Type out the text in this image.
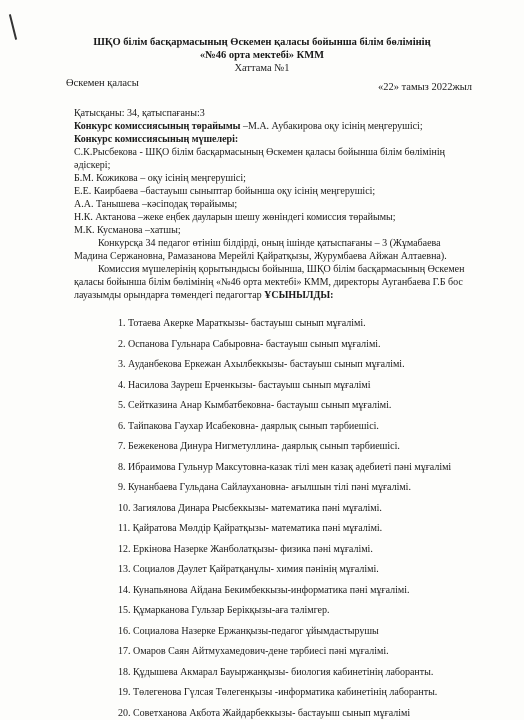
ШҚО білім басқармасының Өскемен қаласы бойынша білім бөлімінің
«№46 орта мектебі» КММ
Хаттама №1
Өскемен қаласы	«22» тамыз 2022жыл

Қатысқаны: 34, қатыспағаны:3

Конкурс комиссиясының төрайымы –М.А. Аубакирова оқу ісінің меңгерушісі;

Конкурс комиссиясының мүшелері:

С.К.Рысбекова - ШҚО білім басқармасының Өскемен қаласы бойынша білім бөлімінің әдіскері;

Б.М. Кожикова – оқу ісінің меңгерушісі;

Е.Е. Каирбаева –бастауыш сыныптар бойынша оқу ісінің меңгерушісі;

А.А. Танышева –кәсіподақ төрайымы;

Н.К. Актанова –жеке еңбек дауларын шешу жөніндегі комиссия төрайымы;

М.К. Кусманова –хатшы;

Конкурсқа 34 педагог өтініш білдірді, оның ішінде қатыспағаны – 3 (Жұмабаева Мадина Сержановна, Рамазанова Мерейлі Қайратқызы, Журумбаева Айжан Алтаевна).

Комиссия мүшелерінің қорытындысы бойынша, ШҚО білім басқармасының Өскемен қаласы бойынша білім бөлімінің «№46 орта мектебі» КММ, директоры Ауганбаева Г.Б бос лауазымды орындарға төмендегі педагогтар ҰСЫНЫЛДЫ:

1. Тотаева Акерке Мараткызы- бастауыш сынып мұғалімі.
2. Оспанова Гульнара Сабыровна- бастауыш сынып мұғалімі.
3. Ауданбекова Еркежан Ахылбеккызы- бастауыш сынып мұғалімі.
4. Насилова Зауреш Ерченкызы- бастауыш сынып мұғалімі
5. Сейтказина Анар Кымбатбековна- бастауыш сынып мұғалімі.
6. Тайпакова Гаухар Исабековна- даярлық сынып тәрбиешісі.
7. Бежекенова Динура Нигметуллина- даярлық сынып тәрбиешісі.
8. Ибраимова Гульнур Максутовна-казак тілі мен казақ әдебиеті пәні мұғалімі
9. Кунанбаева Гульдана Сайлаухановна- ағылшын тілі пәні мұғалімі.
10. Загиялова Динара Рысбеккызы- математика пәні мұғалімі.
11. Қайратова Мөлдір Қайратқызы- математика пәні мұғалімі.
12. Еркінова Назерке Жанболатқызы- физика пәні мұғалімі.
13. Социалов Дәулет Қайратқанұлы- химия пәнінің мұғалімі.
14. Кунапьянова Айдана Бекимбеккызы-информатика пәні мұғалімі.
15. Құмарканова Гульзар Берікқызы-аға тәлімгер.
16. Социалова Назерке Ержанқызы-педагог ұйымдастырушы
17. Омаров Саян Айтмухамедович-дене тәрбиесі пәні мұғалімі.
18. Құдышева Акмарал Бауыржанқызы- биология кабинетінің лаборанты.
19. Төлегенова Гүлсая Төлегенқызы -информатика кабинетінің лаборанты.
20. Советханова Акбота Жайдарбеккызы- бастауыш сынып мұғалімі
